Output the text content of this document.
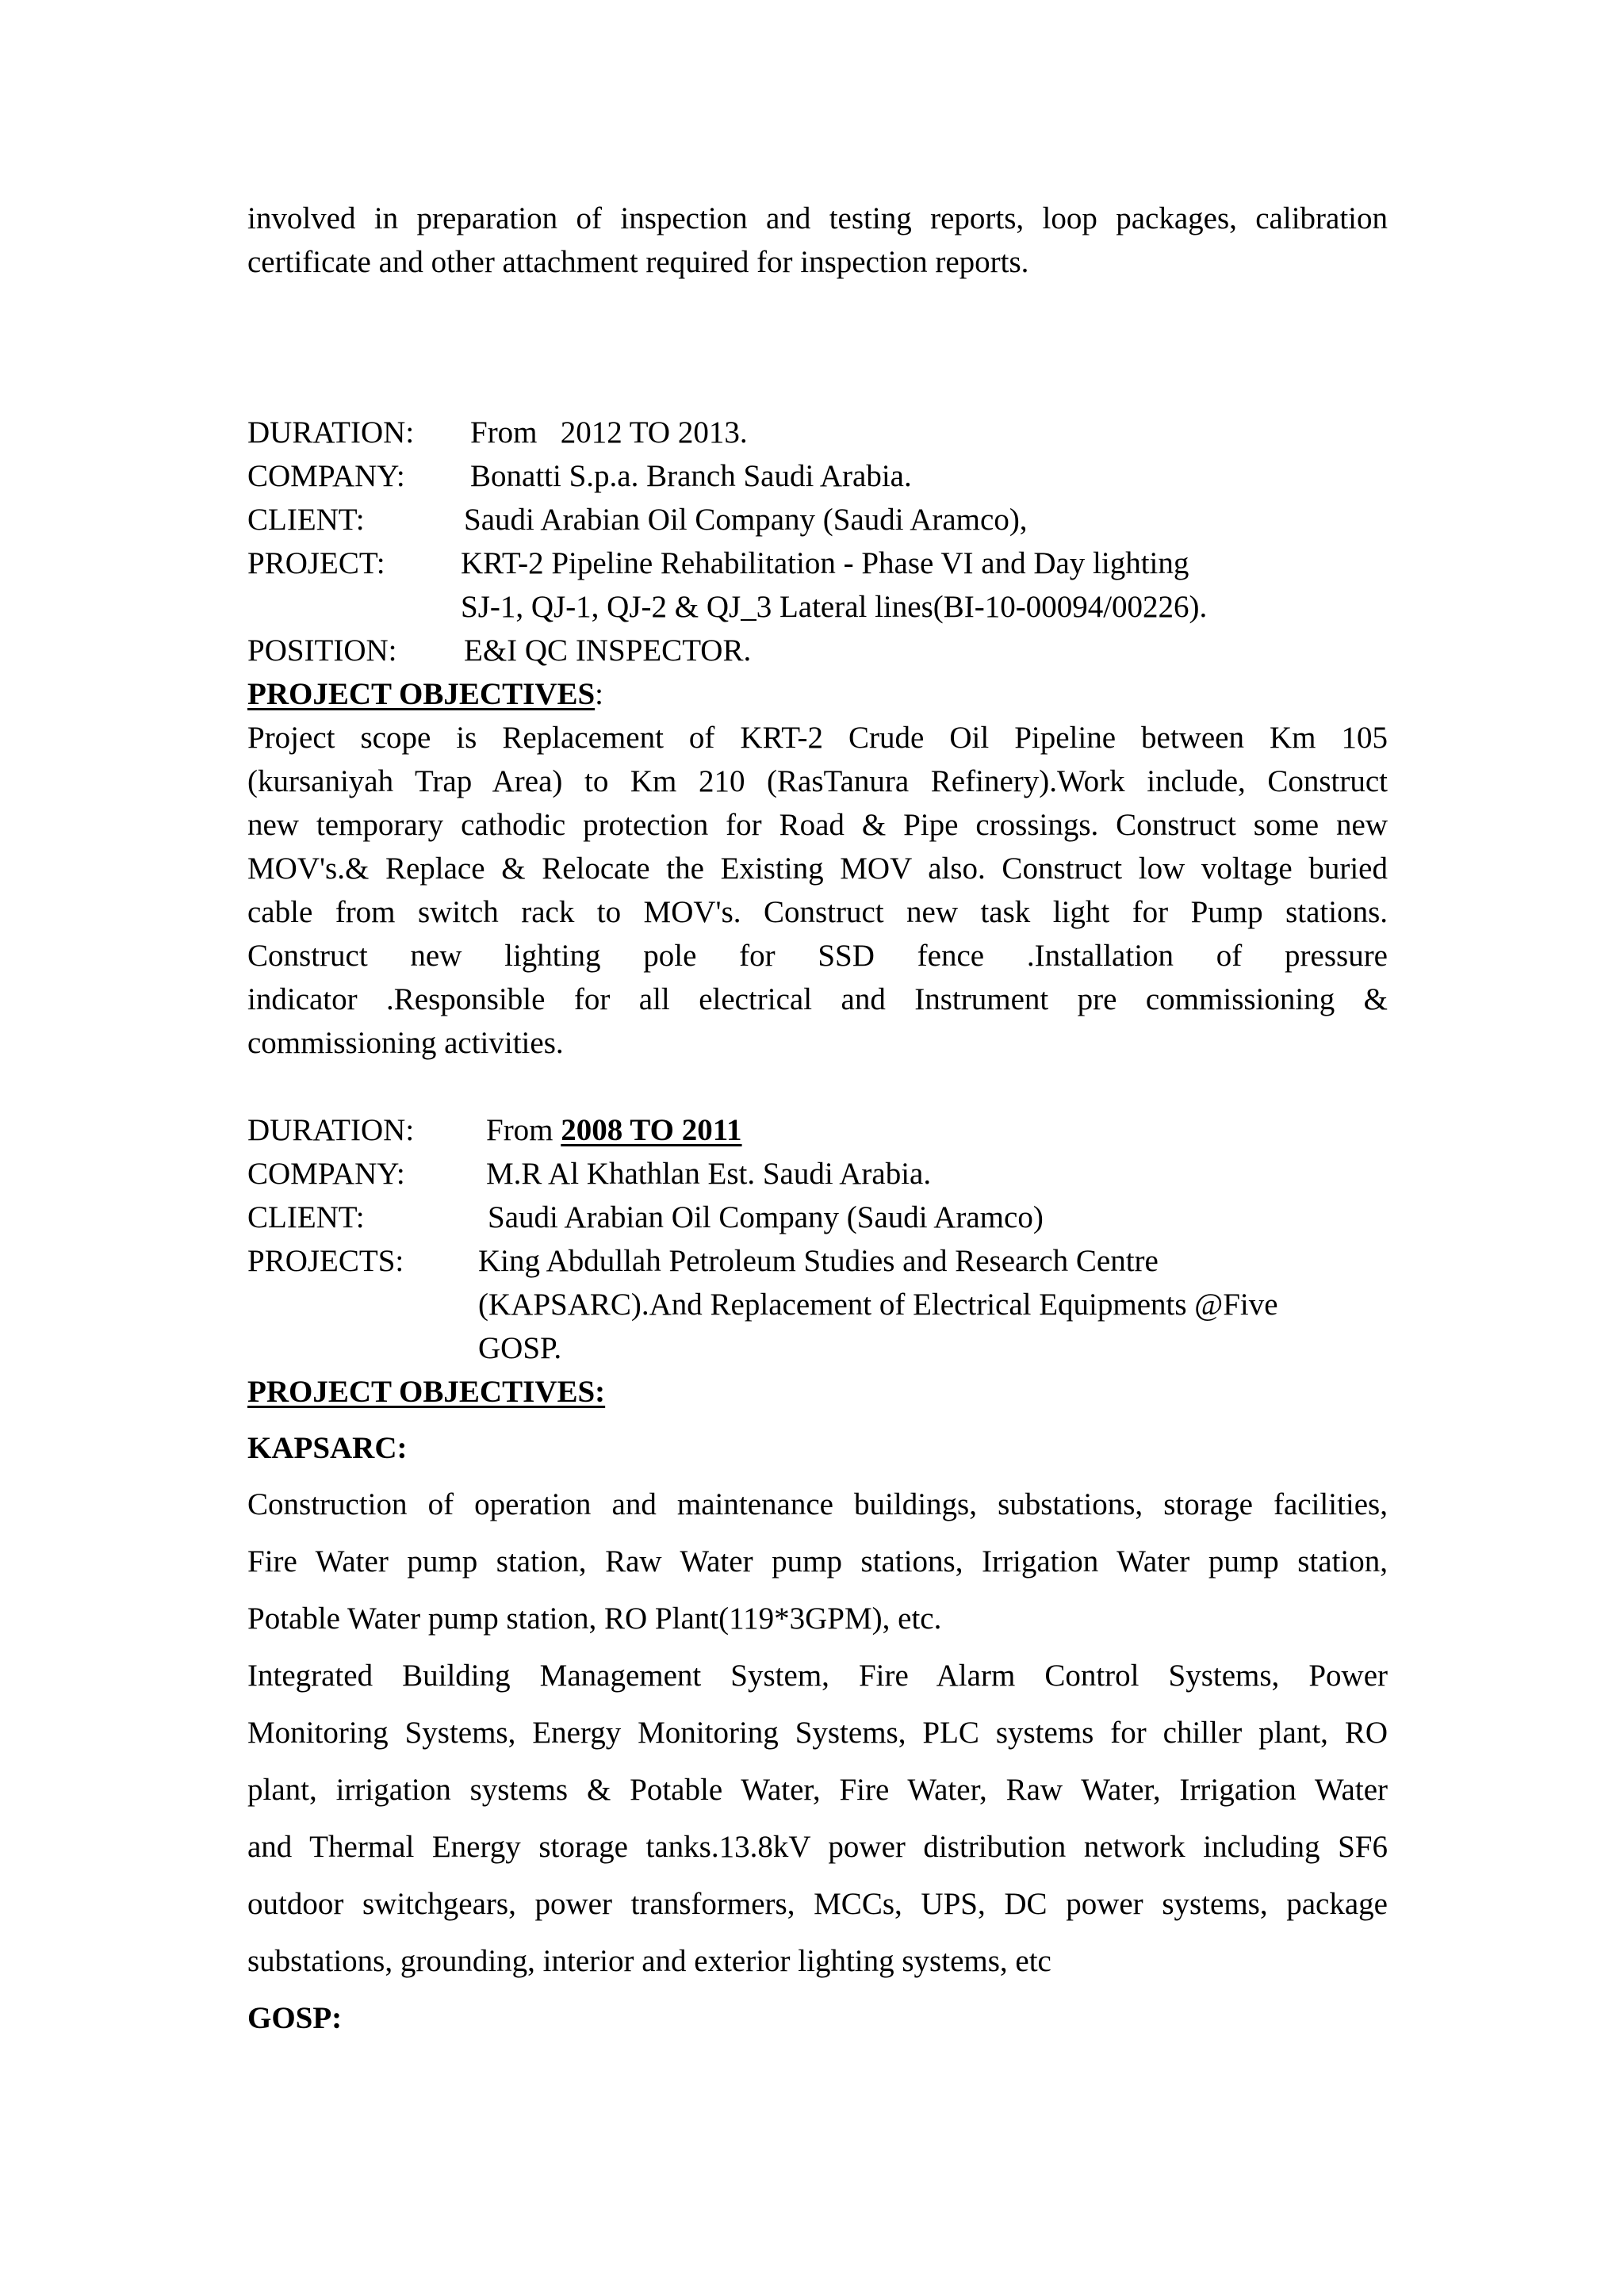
involved in preparation of inspection and testing reports, loop packages, calibration
certificate and other attachment required for inspection reports.
DURATION: From   2012 TO 2013.
COMPANY: Bonatti S.p.a. Branch Saudi Arabia.
CLIENT:	Saudi Arabian Oil Company (Saudi Aramco),
PROJECT: KRT-2 Pipeline Rehabilitation - Phase VI and Day lighting
SJ-1, QJ-1, QJ-2 & QJ_3 Lateral lines(BI-10-00094/00226).
POSITION: E&I QC INSPECTOR.
PROJECT OBJECTIVES:
Project scope is Replacement of KRT-2 Crude Oil Pipeline between Km 105
(kursaniyah Trap Area) to Km 210 (RasTanura Refinery).Work include, Construct
new temporary cathodic protection for Road & Pipe crossings. Construct some new
MOV's.& Replace & Relocate the Existing MOV also. Construct low voltage buried
cable from switch rack to MOV's. Construct new task light for Pump stations.
Construct new lighting pole for SSD fence .Installation of pressure
indicator .Responsible for all electrical and Instrument pre commissioning &
commissioning activities.
DURATION: From 2008 TO 2011
COMPANY:	M.R Al Khathlan Est. Saudi Arabia.
CLIENT:	Saudi Arabian Oil Company (Saudi Aramco)
PROJECTS: King Abdullah Petroleum Studies and Research Centre
(KAPSARC).And Replacement of Electrical Equipments @Five
GOSP.
PROJECT OBJECTIVES:
KAPSARC:
Construction of operation and maintenance buildings, substations, storage facilities,
Fire Water pump station, Raw Water pump stations, Irrigation Water pump station,
Potable Water pump station, RO Plant(119*3GPM), etc.
Integrated Building Management System, Fire Alarm Control Systems, Power
Monitoring Systems, Energy Monitoring Systems, PLC systems for chiller plant, RO
plant, irrigation systems & Potable Water, Fire Water, Raw Water, Irrigation Water
and Thermal Energy storage tanks.13.8kV power distribution network including SF6
outdoor switchgears, power transformers, MCCs, UPS, DC power systems, package
substations, grounding, interior and exterior lighting systems, etc
GOSP:
